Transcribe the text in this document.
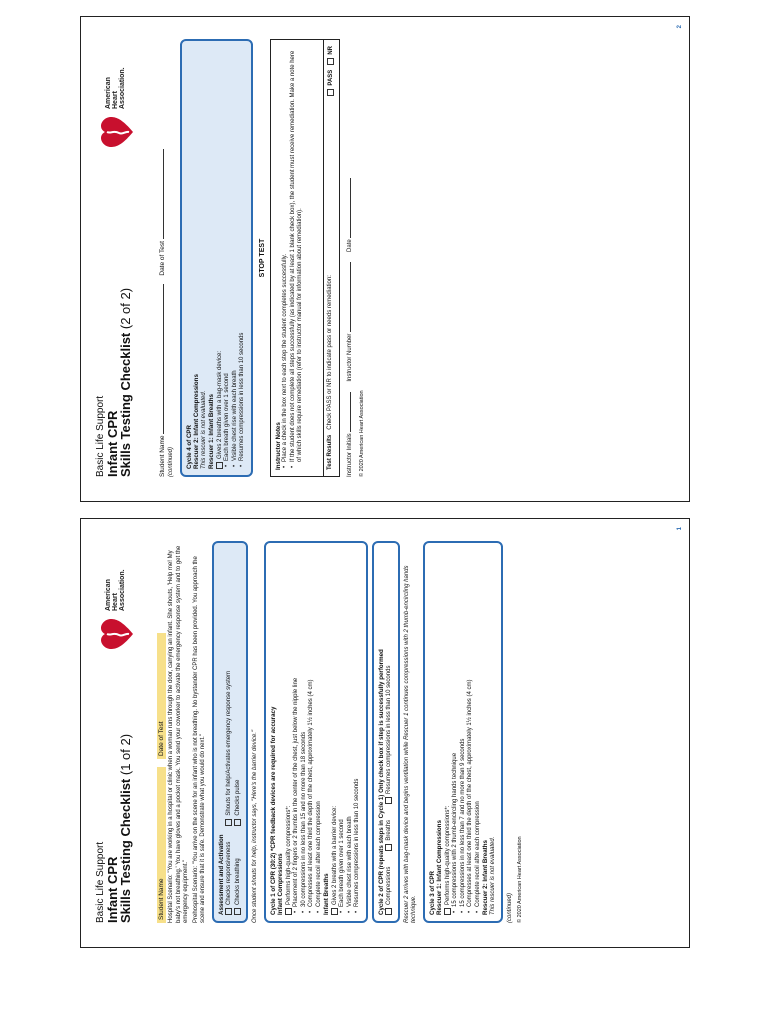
Basic Life Support Infant CPR
Skills Testing Checklist (1 of 2)
American Heart Association.
Student Name
Date of Test Hospital Scenario: "You are working in a hospital or clinic when a woman runs through the door, carrying an infant. She shouts, 'Help me! My baby's not breathing.' You have gloves and a pocket mask. You send your coworker to activate the emergency response system and to get the emergency equipment." Prehospital Scenario: "You arrive on the scene for an infant who is not breathing. No bystander CPR has been provided. You approach the scene and ensure that it is safe. Demonstrate what you would do next." Assessment and Activation Checks responsiveness Checks breathing
Shouts for help/Activates emergency response system Checks pulse Once student shouts for help, instructor says, "Here's the barrier device." Cycle 1 of CPR (30:2) *CPR feedback devices are required for accuracy Infant Compressions Performs high-quality compressions*: • Placement of 2 fingers or 2 thumbs in the center of the chest, just below the nipple line • 30 compressions in no less than 15 and no more than 18 seconds • Compresses at least one third the depth of the chest, approximately 1½ inches (4 cm) • Complete recoil after each compression Infant Breaths Gives 2 breaths with a barrier device: • Each breath given over 1 second • Visible chest rise with each breath • Resumes compressions in less than 10 seconds	Cycle 2 of CPR (repeats steps in Cycle 1) Only check box if step is successfully performed Compressions
Breaths
Resumes compressions in less than 10 seconds Rescuer 2 arrives with bag-mask device and begins ventilation while Rescuer 1 continues compressions with 2 thumb-encircling hands technique. Cycle 3 of CPR Rescuer 1: Infant Compressions Performs high-quality compressions*: • 15 compressions with 2 thumb-encircling hands technique • 15 compressions in no less than 7 and no more than 9 seconds • Compresses at least one third the depth of the chest, approximately 1½ inches (4 cm) • Complete recoil after each compression Rescuer 2: Infant Breaths This rescuer is not evaluated. (continued) © 2020 American Heart Association
1
Basic Life Support Infant CPR
Skills Testing Checklist (2 of 2)
American Heart Association.
Student Name
Date of Test
(continued) Cycle 4 of CPR Rescuer 2: Infant Compressions This rescuer is not evaluated. Rescuer 1: Infant Breaths Gives 2 breaths with a bag-mask device: • Each breath given over 1 second • Visible chest rise with each breath • Resumes compressions in less than 10 seconds
STOP TEST
Instructor Notes • Place a check in the box next to each step the student completes successfully. • If the student does not complete all steps successfully (as indicated by at least 1 blank check box), the student must receive remediation. Make a note here of which skills require remediation (refer to instructor manual for information about remediation).	Test Results   Check PASS or NR to indicate pass or needs remediation:
PASS   NR
Instructor Initials
Instructor Number
Date
© 2020 American Heart Association
2
